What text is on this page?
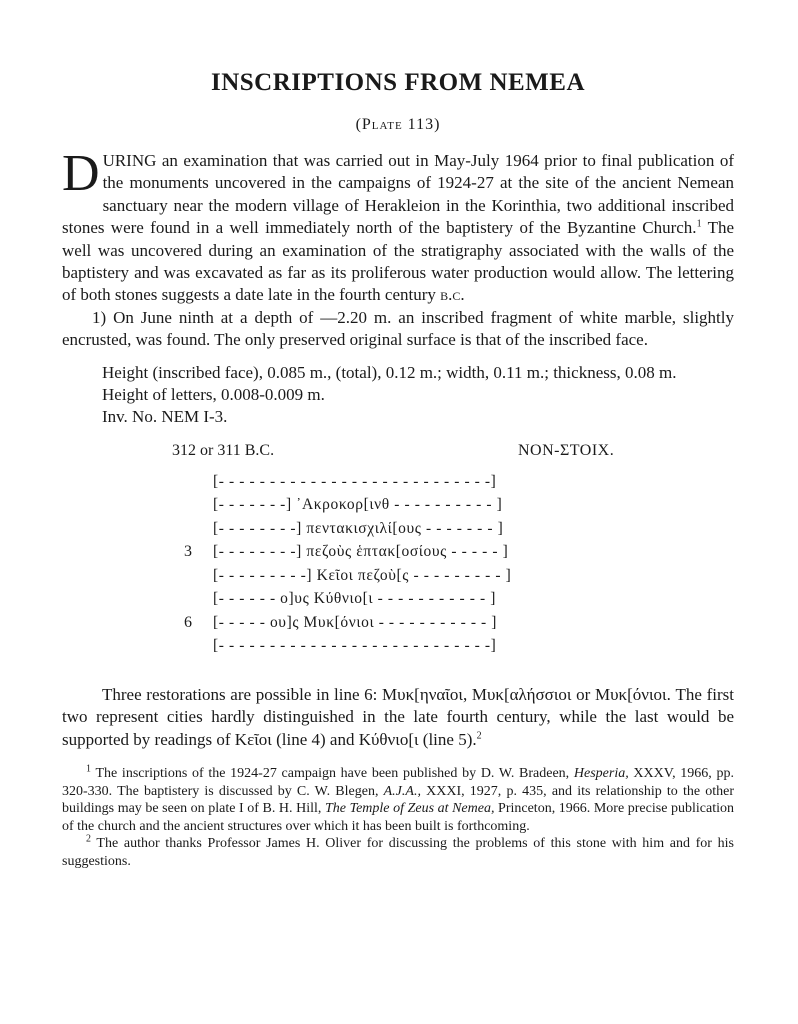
INSCRIPTIONS FROM NEMEA
(Plate 113)

DURING an examination that was carried out in May-July 1964 prior to final publication of the monuments uncovered in the campaigns of 1924-27 at the site of the ancient Nemean sanctuary near the modern village of Herakleion in the Korinthia, two additional inscribed stones were found in a well immediately north of the baptistery of the Byzantine Church.$^1$ The well was uncovered during an examination of the stratigraphy associated with the walls of the baptistery and was excavated as far as its proliferous water production would allow. The lettering of both stones suggests a date late in the fourth century b.c.

1) On June ninth at a depth of —2.20 m. an inscribed fragment of white marble, slightly encrusted, was found. The only preserved original surface is that of the inscribed face.

Height (inscribed face), 0.085 m., (total), 0.12 m.; width, 0.11 m.; thickness, 0.08 m.
Height of letters, 0.008-0.009 m.
Inv. No. NEM I-3.
312 or 311 B.C.	NON-ΣΤΟΙΧ.
[- - - - - - - - - - - - - - - - - - - - - - - - - - -]
[- - - - - - -] ᾿Ακροκορ[ινθ - - - - - - - - - - ]
[- - - - - - - -] πεντακισχιλί[ους - - - - - - - ]
3	[- - - - - - - -] πεζοὺς ἑπτακ[οσίους - - - - - ]
[- - - - - - - - -] Κεῖοι πεζοὺ[ς - - - - - - - - - ]
[- - - - - - ο]υς Κύθνιο[ι - - - - - - - - - - - ]
6	[- - - - - ου]ς Μυκ[όνιοι - - - - - - - - - - - ]
[- - - - - - - - - - - - - - - - - - - - - - - - - - -]

Three restorations are possible in line 6: Μυκ[ηναῖοι, Μυκ[αλήσσιοι or Μυκ[όνιοι. The first two represent cities hardly distinguished in the late fourth century, while the last would be supported by readings of Κεῖοι (line 4) and Κύθνιο[ι (line 5).$^2$

$^1$ The inscriptions of the 1924-27 campaign have been published by D. W. Bradeen, Hesperia, XXXV, 1966, pp. 320-330. The baptistery is discussed by C. W. Blegen, A.J.A., XXXI, 1927, p. 435, and its relationship to the other buildings may be seen on plate I of B. H. Hill, The Temple of Zeus at Nemea, Princeton, 1966. More precise publication of the church and the ancient structures over which it has been built is forthcoming.

$^2$ The author thanks Professor James H. Oliver for discussing the problems of this stone with him and for his suggestions.
